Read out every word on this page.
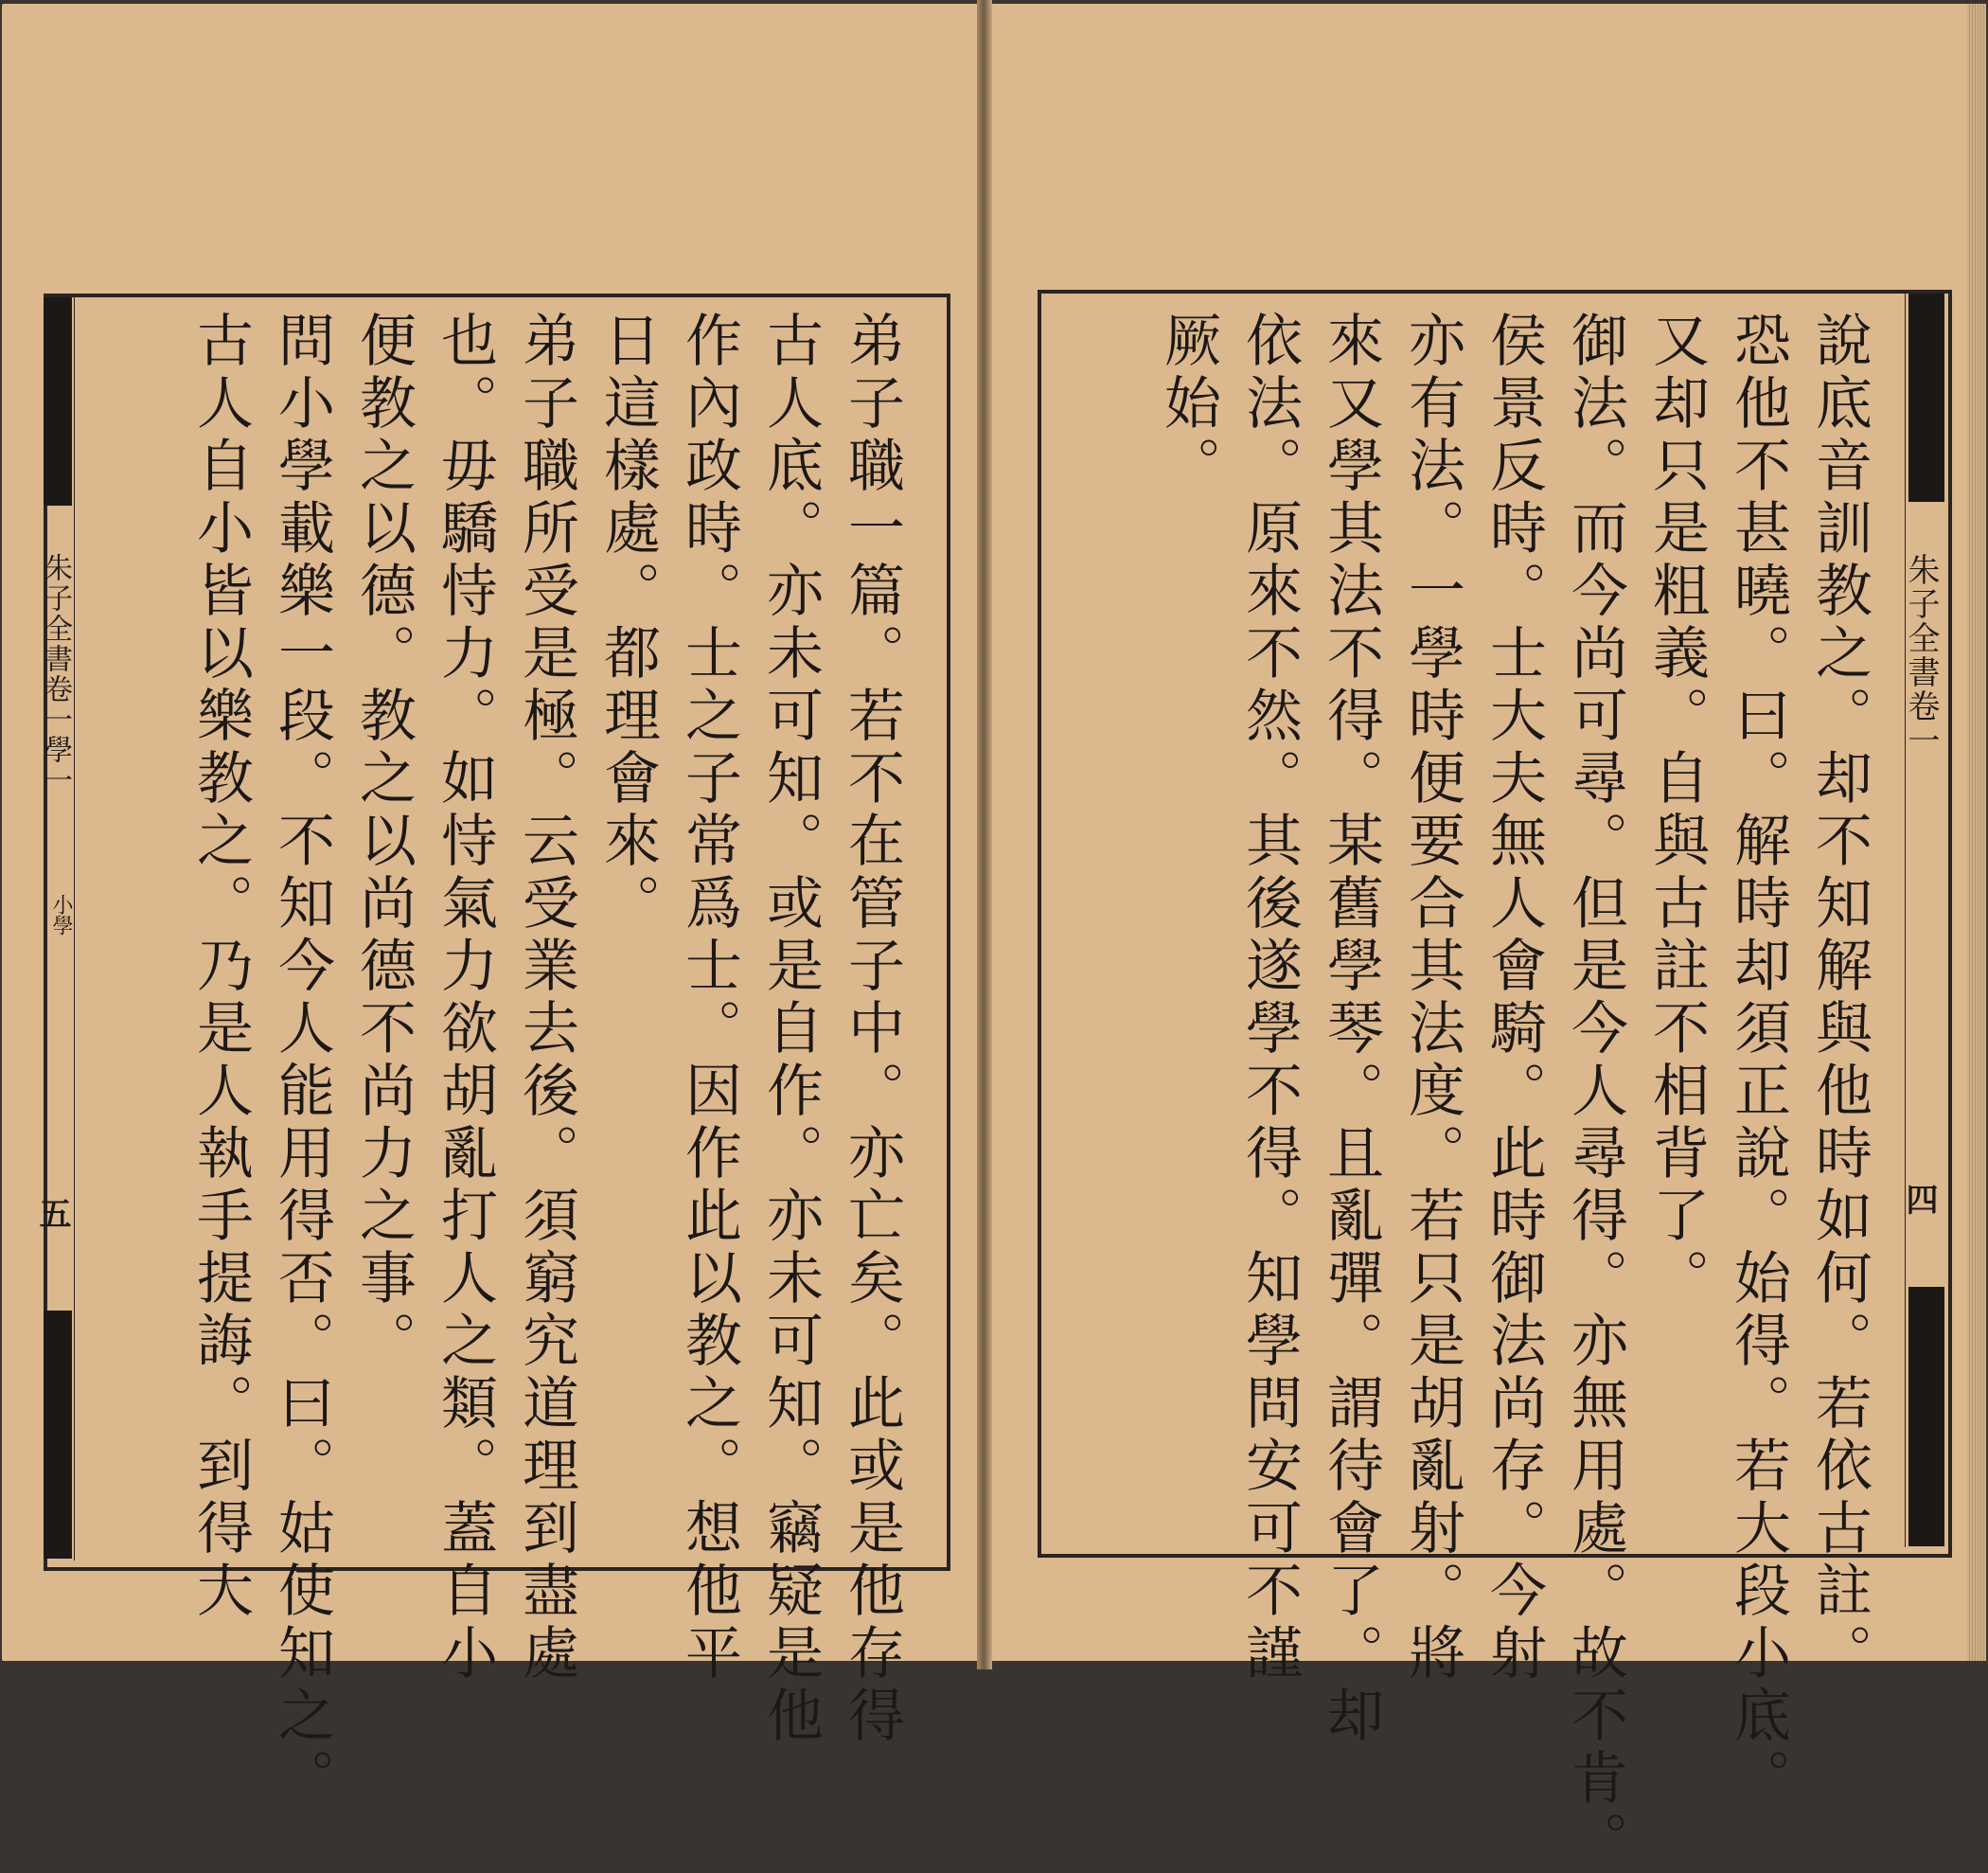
朱子全書卷一學一
小學
五	弟子職一篇。若不在管子中。亦亡矣。此或是他存得
古人底。亦未可知。或是自作。亦未可知。竊疑是他
作內政時。士之子常爲士。因作此以教之。想他平
日這樣處。都理會來。
弟子職所受是極。云受業去後。須窮究道理到盡處
也。毋驕恃力。如恃氣力欲胡亂打人之類。蓋自小
便教之以德。教之以尚德不尚力之事。
問小學載樂一段。不知今人能用得否。曰。姑使知之。
古人自小皆以樂教之。乃是人執手提誨。到得大	朱子全書卷一
四
說底音訓教之。却不知解與他時如何。若依古註。
恐他不甚曉。曰。解時却須正說。始得。若大段小底。
又却只是粗義。自與古註不相背了。
御法。而今尚可尋。但是今人尋得。亦無用處。故不肯。
侯景反時。士大夫無人會騎。此時御法尚存。今射
亦有法。一學時便要合其法度。若只是胡亂射。將
來又學其法不得。某舊學琴。且亂彈。謂待會了。却
依法。原來不然。其後遂學不得。知學問安可不謹
厥始。
